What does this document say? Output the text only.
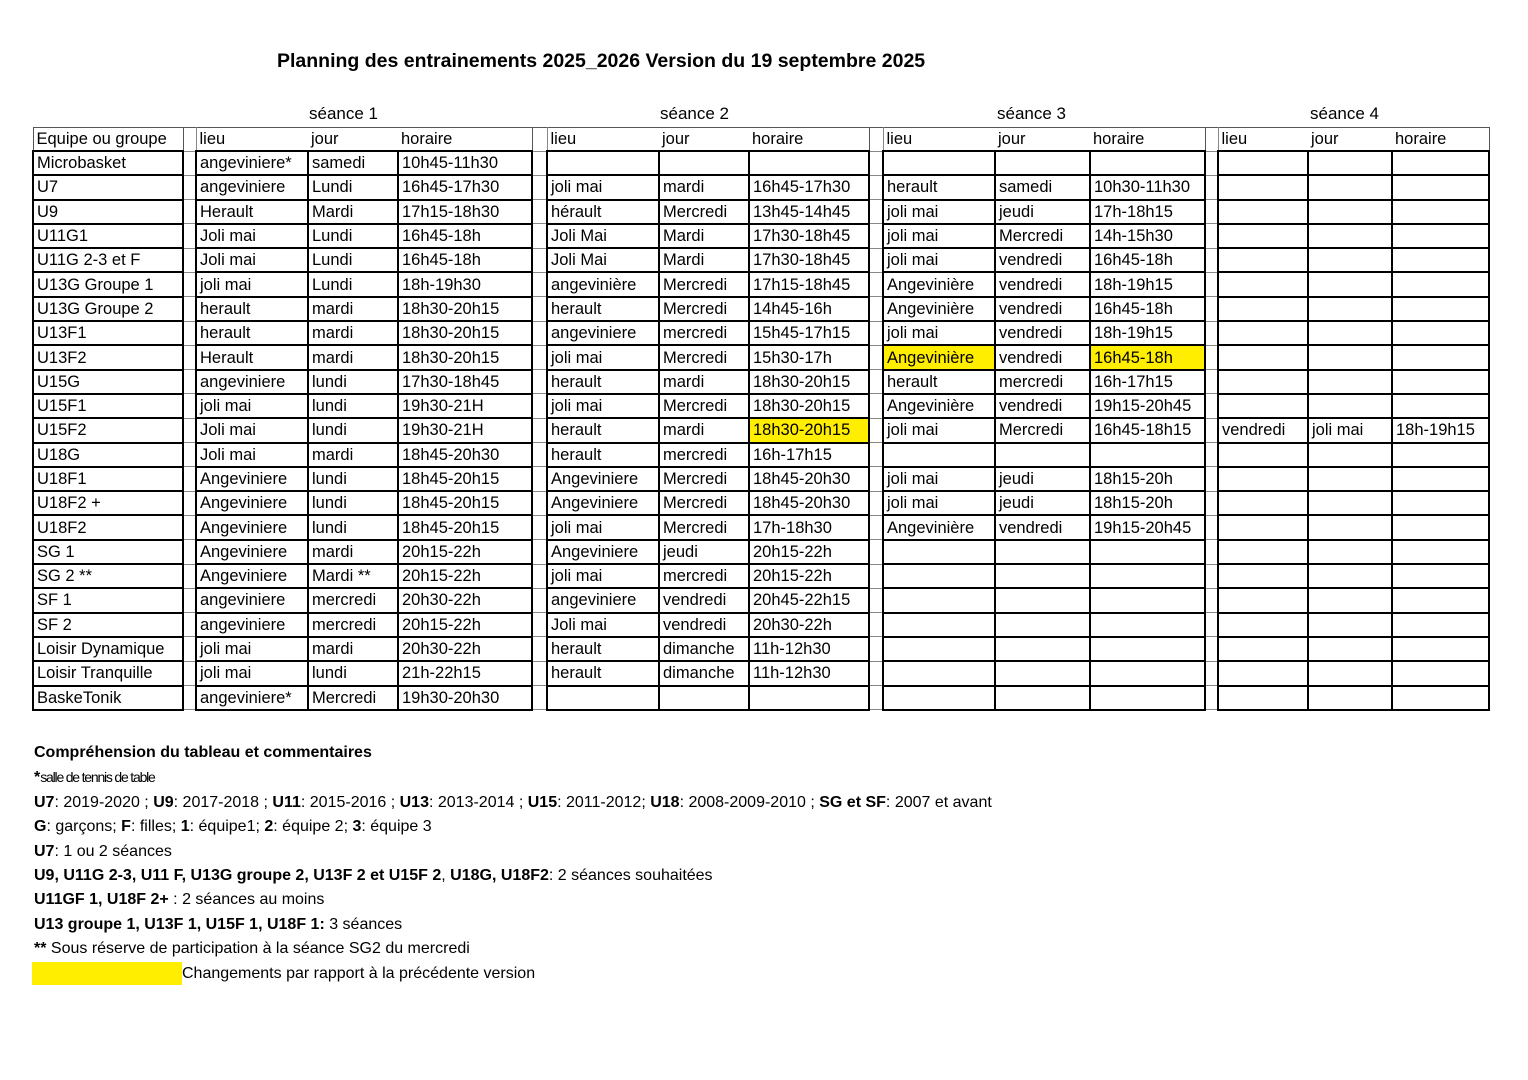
Planning des entrainements 2025_2026 Version du 19 septembre 2025
séance 1	séance 2	séance 3	séance 4
Equipe ou groupe		lieu	jour	horaire		lieu	jour	horaire		lieu	jour	horaire		lieu	jour	horaire
Microbasket		angeviniere*	samedi	10h45-11h30												
U7		angeviniere	Lundi	16h45-17h30		joli mai	mardi	16h45-17h30		herault	samedi	10h30-11h30				
U9		Herault	Mardi	17h15-18h30		hérault	Mercredi	13h45-14h45		joli mai	jeudi	17h-18h15				
U11G1		Joli mai	Lundi	16h45-18h		Joli Mai	Mardi	17h30-18h45		joli mai	Mercredi	14h-15h30				
U11G 2-3 et F		Joli mai	Lundi	16h45-18h		Joli Mai	Mardi	17h30-18h45		joli mai	vendredi	16h45-18h				
U13G Groupe 1		joli mai	Lundi	18h-19h30		angevinière	Mercredi	17h15-18h45		Angevinière	vendredi	18h-19h15				
U13G Groupe 2		herault	mardi	18h30-20h15		herault	Mercredi	14h45-16h		Angevinière	vendredi	16h45-18h				
U13F1		herault	mardi	18h30-20h15		angeviniere	mercredi	15h45-17h15		joli mai	vendredi	18h-19h15				
U13F2		Herault	mardi	18h30-20h15		joli mai	Mercredi	15h30-17h		Angevinière	vendredi	16h45-18h				
U15G		angeviniere	lundi	17h30-18h45		herault	mardi	18h30-20h15		herault	mercredi	16h-17h15				
U15F1		joli mai	lundi	19h30-21H		joli mai	Mercredi	18h30-20h15		Angevinière	vendredi	19h15-20h45				
U15F2		Joli mai	lundi	19h30-21H		herault	mardi	18h30-20h15		joli mai	Mercredi	16h45-18h15		vendredi	joli mai	18h-19h15
U18G		Joli mai	mardi	18h45-20h30		herault	mercredi	16h-17h15								
U18F1		Angeviniere	lundi	18h45-20h15		Angeviniere	Mercredi	18h45-20h30		joli mai	jeudi	18h15-20h				
U18F2 +		Angeviniere	lundi	18h45-20h15		Angeviniere	Mercredi	18h45-20h30		joli mai	jeudi	18h15-20h				
U18F2		Angeviniere	lundi	18h45-20h15		joli mai	Mercredi	17h-18h30		Angevinière	vendredi	19h15-20h45				
SG 1		Angeviniere	mardi	20h15-22h		Angeviniere	jeudi	20h15-22h								
SG 2 **		Angeviniere	Mardi **	20h15-22h		joli mai	mercredi	20h15-22h								
SF 1		angeviniere	mercredi	20h30-22h		angeviniere	vendredi	20h45-22h15								
SF 2		angeviniere	mercredi	20h15-22h		Joli mai	vendredi	20h30-22h								
Loisir Dynamique		joli mai	mardi	20h30-22h		herault	dimanche	11h-12h30								
Loisir Tranquille		joli mai	lundi	21h-22h15		herault	dimanche	11h-12h30								
BaskeTonik		angeviniere*	Mercredi	19h30-20h30												
Compréhension du tableau et commentaires
*salle de tennis de table
U7: 2019-2020 ; U9: 2017-2018 ; U11: 2015-2016 ; U13: 2013-2014 ; U15: 2011-2012; U18: 2008-2009-2010 ; SG et SF: 2007 et avant
G: garçons; F: filles; 1: équipe1; 2: équipe 2; 3: équipe 3
U7: 1 ou 2 séances
U9, U11G 2-3, U11 F, U13G groupe 2, U13F 2 et U15F 2, U18G, U18F2: 2 séances souhaitées
U11GF 1, U18F 2+ : 2 séances au moins
U13 groupe 1, U13F 1, U15F 1, U18F 1: 3 séances
** Sous réserve de participation à la séance SG2 du mercredi
Changements par rapport à la précédente version
